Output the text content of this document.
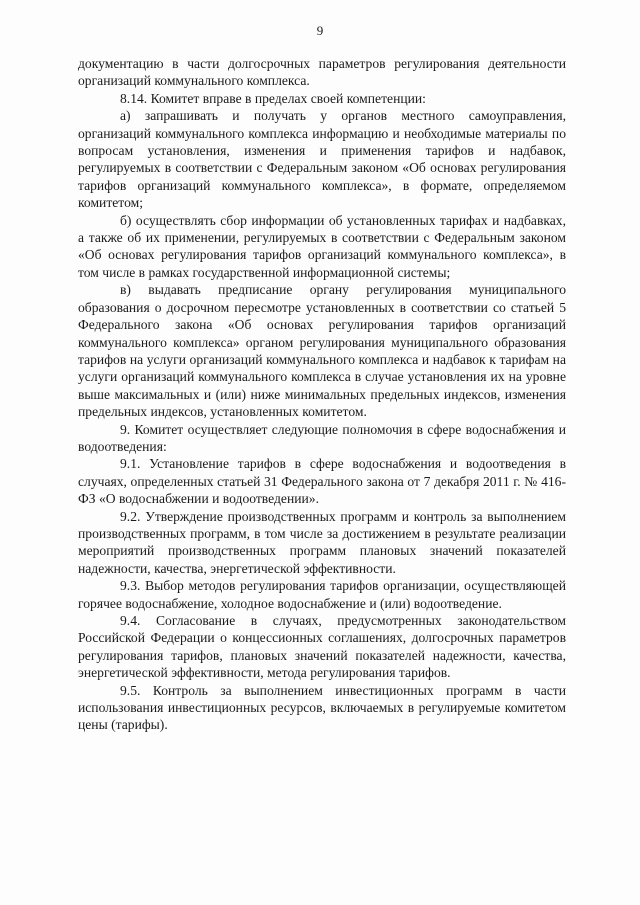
9

документацию в части долгосрочных параметров регулирования деятельности организаций коммунального комплекса.

8.14. Комитет вправе в пределах своей компетенции:

а) запрашивать и получать у органов местного самоуправления, организаций коммунального комплекса информацию и необходимые материалы по вопросам установления, изменения и применения тарифов и надбавок, регулируемых в соответствии с Федеральным законом «Об основах регулирования тарифов организаций коммунального комплекса», в формате, определяемом комитетом;

б) осуществлять сбор информации об установленных тарифах и надбавках, а также об их применении, регулируемых в соответствии с Федеральным законом «Об основах регулирования тарифов организаций коммунального комплекса», в том числе в рамках государственной информационной системы;

в) выдавать предписание органу регулирования муниципального образования о досрочном пересмотре установленных в соответствии со статьей 5 Федерального закона «Об основах регулирования тарифов организаций коммунального комплекса» органом регулирования муниципального образования тарифов на услуги организаций коммунального комплекса и надбавок к тарифам на услуги организаций коммунального комплекса в случае установления их на уровне выше максимальных и (или) ниже минимальных предельных индексов, изменения предельных индексов, установленных комитетом.

9. Комитет осуществляет следующие полномочия в сфере водоснабжения и водоотведения:

9.1. Установление тарифов в сфере водоснабжения и водоотведения в случаях, определенных статьей 31 Федерального закона от 7 декабря 2011 г. № 416-ФЗ «О водоснабжении и водоотведении».

9.2. Утверждение производственных программ и контроль за выполнением производственных программ, в том числе за достижением в результате реализации мероприятий производственных программ плановых значений показателей надежности, качества, энергетической эффективности.

9.3. Выбор методов регулирования тарифов организации, осуществляющей горячее водоснабжение, холодное водоснабжение и (или) водоотведение.

9.4. Согласование в случаях, предусмотренных законодательством Российской Федерации о концессионных соглашениях, долгосрочных параметров регулирования тарифов, плановых значений показателей надежности, качества, энергетической эффективности, метода регулирования тарифов.

9.5. Контроль за выполнением инвестиционных программ в части использования инвестиционных ресурсов, включаемых в регулируемые комитетом цены (тарифы).
